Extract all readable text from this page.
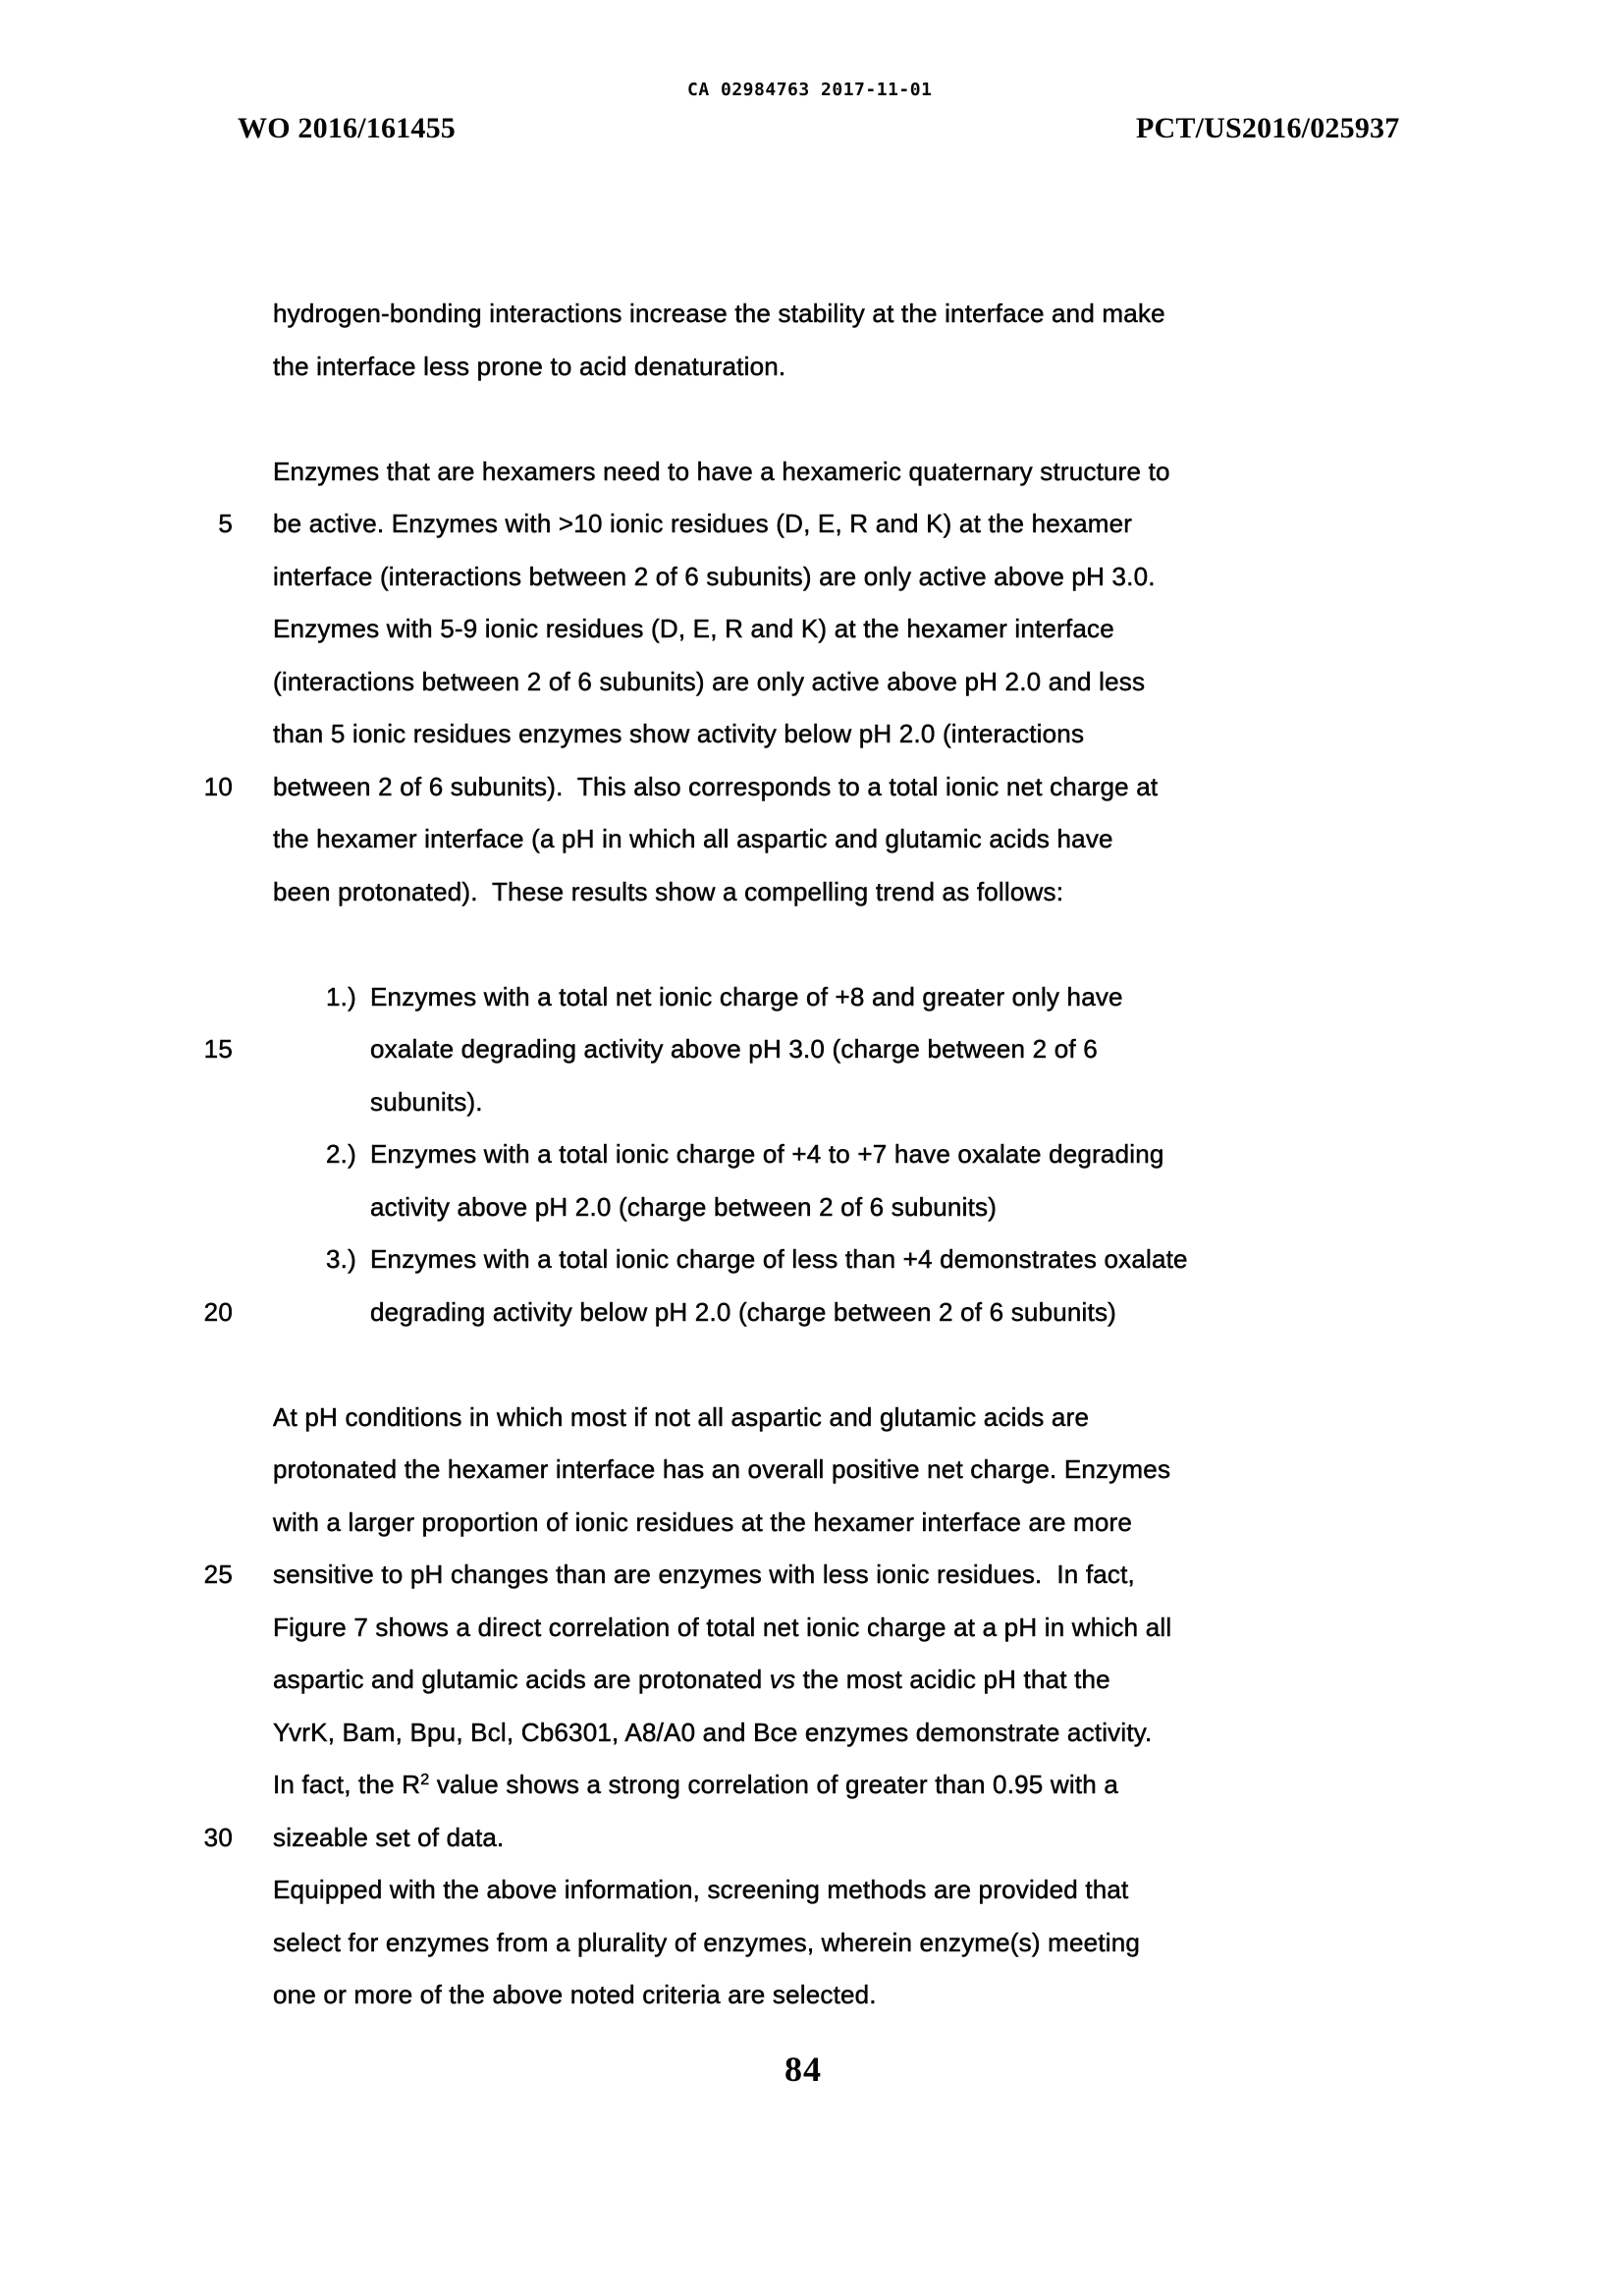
CA 02984763 2017-11-01
WO 2016/161455	PCT/US2016/025937
hydrogen-bonding interactions increase the stability at the interface and make
the interface less prone to acid denaturation.
Enzymes that are hexamers need to have a hexameric quaternary structure to
5 be active. Enzymes with >10 ionic residues (D, E, R and K) at the hexamer
interface (interactions between 2 of 6 subunits) are only active above pH 3.0.
Enzymes with 5-9 ionic residues (D, E, R and K) at the hexamer interface
(interactions between 2 of 6 subunits) are only active above pH 2.0 and less
than 5 ionic residues enzymes show activity below pH 2.0 (interactions
10 between 2 of 6 subunits).  This also corresponds to a total ionic net charge at
the hexamer interface (a pH in which all aspartic and glutamic acids have
been protonated).  These results show a compelling trend as follows:
1.) Enzymes with a total net ionic charge of +8 and greater only have
15	oxalate degrading activity above pH 3.0 (charge between 2 of 6
subunits).
2.) Enzymes with a total ionic charge of +4 to +7 have oxalate degrading
activity above pH 2.0 (charge between 2 of 6 subunits)
3.) Enzymes with a total ionic charge of less than +4 demonstrates oxalate
20	degrading activity below pH 2.0 (charge between 2 of 6 subunits)
At pH conditions in which most if not all aspartic and glutamic acids are
protonated the hexamer interface has an overall positive net charge. Enzymes
with a larger proportion of ionic residues at the hexamer interface are more
25 sensitive to pH changes than are enzymes with less ionic residues.  In fact,
Figure 7 shows a direct correlation of total net ionic charge at a pH in which all
aspartic and glutamic acids are protonated vs the most acidic pH that the
YvrK, Bam, Bpu, Bcl, Cb6301, A8/A0 and Bce enzymes demonstrate activity.
In fact, the $R^2$ value shows a strong correlation of greater than 0.95 with a
30 sizeable set of data.
Equipped with the above information, screening methods are provided that
select for enzymes from a plurality of enzymes, wherein enzyme(s) meeting
one or more of the above noted criteria are selected.
84
